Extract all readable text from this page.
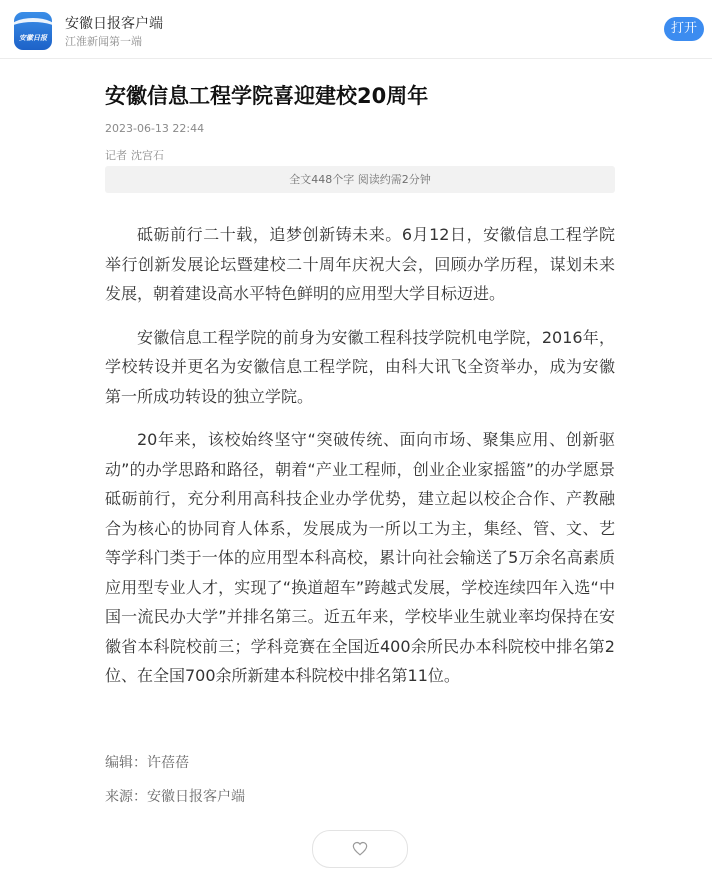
安徽日报
安徽日报客户端
江淮新闻第一端
打开
安徽信息工程学院喜迎建校20周年
2023-06-13 22:44
记者 沈宫石
全文448个字 阅读约需2分钟

砥砺前行二十载，追梦创新铸未来。6月12日，安徽信息工程学院举行创新发展论坛暨建校二十周年庆祝大会，回顾办学历程，谋划未来发展，朝着建设高水平特色鲜明的应用型大学目标迈进。

安徽信息工程学院的前身为安徽工程科技学院机电学院，2016年，学校转设并更名为安徽信息工程学院，由科大讯飞全资举办，成为安徽第一所成功转设的独立学院。

20年来，该校始终坚守“突破传统、面向市场、聚集应用、创新驱动”的办学思路和路径，朝着“产业工程师，创业企业家摇篮”的办学愿景砥砺前行，充分利用高科技企业办学优势，建立起以校企合作、产教融合为核心的协同育人体系，发展成为一所以工为主，集经、管、文、艺等学科门类于一体的应用型本科高校，累计向社会输送了5万余名高素质应用型专业人才，实现了“换道超车”跨越式发展，学校连续四年入选“中国一流民办大学”并排名第三。近五年来，学校毕业生就业率均保持在安徽省本科院校前三；学科竞赛在全国近400余所民办本科院校中排名第2位、在全国700余所新建本科院校中排名第11位。

编辑：许蓓蓓
来源：安徽日报客户端
